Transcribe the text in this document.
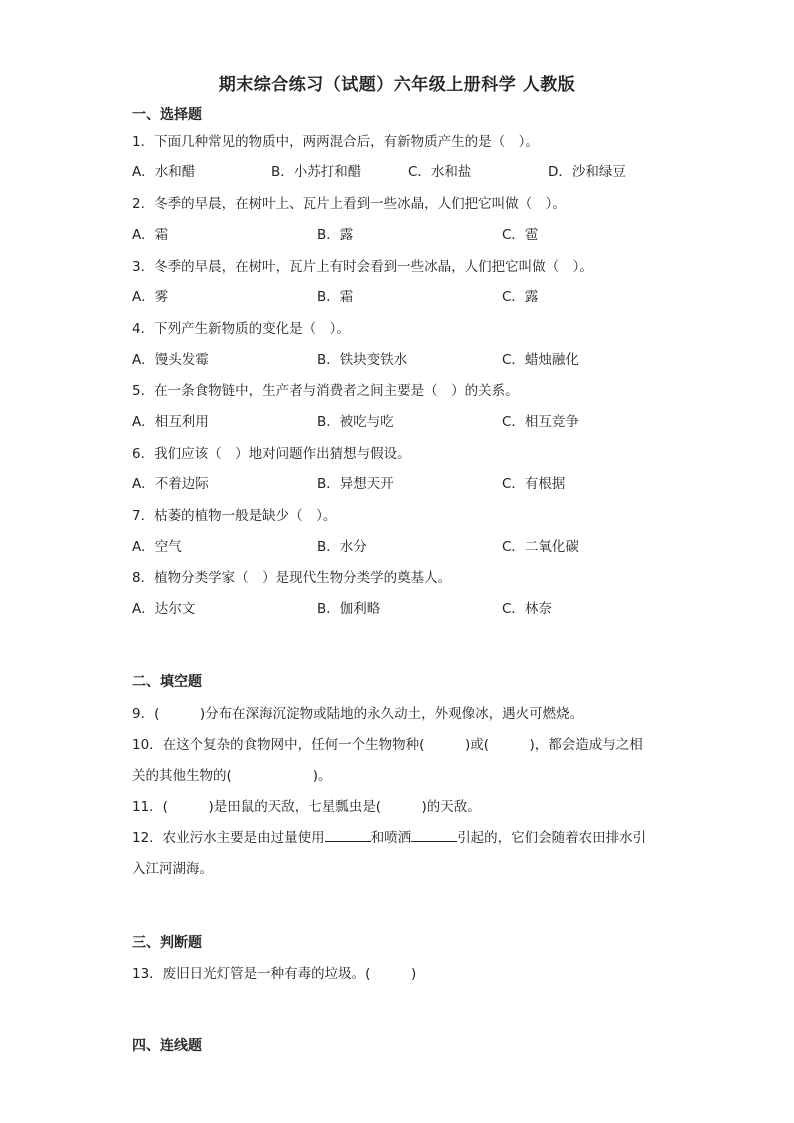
期末综合练习（试题）六年级上册科学 人教版
一、选择题
1．下面几种常见的物质中，两两混合后，有新物质产生的是（　）。
A．水和醋	B．小苏打和醋	C．水和盐	D．沙和绿豆
2．冬季的早晨，在树叶上、瓦片上看到一些冰晶，人们把它叫做（　）。
A．霜	B．露	C．雹
3．冬季的早晨，在树叶，瓦片上有时会看到一些冰晶，人们把它叫做（　）。
A．雾	B．霜	C．露
4．下列产生新物质的变化是（　）。
A．馒头发霉	B．铁块变铁水	C．蜡烛融化
5．在一条食物链中，生产者与消费者之间主要是（　）的关系。
A．相互利用	B．被吃与吃	C．相互竞争
6．我们应该（　）地对问题作出猜想与假设。
A．不着边际	B．异想天开	C．有根据
7．枯萎的植物一般是缺少（　）。
A．空气	B．水分	C．二氧化碳
8．植物分类学家（　）是现代生物分类学的奠基人。
A．达尔文	B．伽利略	C．林奈
二、填空题
9．(　　　)分布在深海沉淀物或陆地的永久动土，外观像冰，遇火可燃烧。
10．在这个复杂的食物网中，任何一个生物物种(　　　)或(　　　)，都会造成与之相
关的其他生物的(　　　　　　)。
11．(　　　)是田鼠的天敌，七星瓢虫是(　　　)的天敌。
12．农业污水主要是由过量使用	和喷洒	引起的，它们会随着农田排水引
入江河湖海。
三、判断题
13．废旧日光灯管是一种有毒的垃圾。(　　　)
四、连线题
